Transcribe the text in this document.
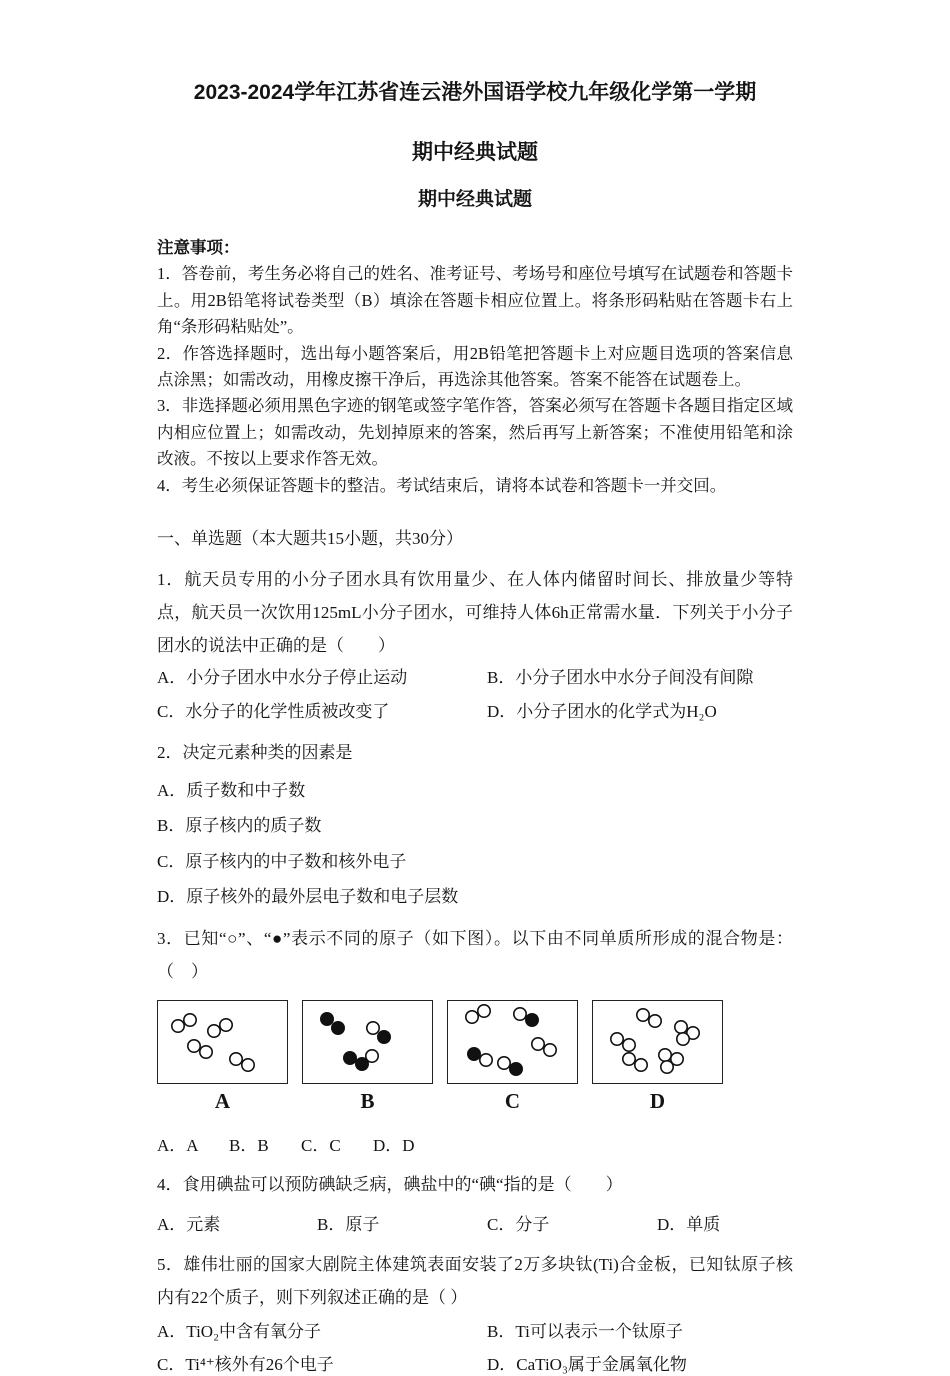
2023-2024学年江苏省连云港外国语学校九年级化学第一学期
期中经典试题
期中经典试题
注意事项：

1．答卷前，考生务必将自己的姓名、准考证号、考场号和座位号填写在试题卷和答题卡上。用2B铅笔将试卷类型（B）填涂在答题卡相应位置上。将条形码粘贴在答题卡右上角“条形码粘贴处”。

2．作答选择题时，选出每小题答案后，用2B铅笔把答题卡上对应题目选项的答案信息点涂黑；如需改动，用橡皮擦干净后，再选涂其他答案。答案不能答在试题卷上。

3．非选择题必须用黑色字迹的钢笔或签字笔作答，答案必须写在答题卡各题目指定区域内相应位置上；如需改动，先划掉原来的答案，然后再写上新答案；不准使用铅笔和涂改液。不按以上要求作答无效。

4．考生必须保证答题卡的整洁。考试结束后，请将本试卷和答题卡一并交回。

一、单选题（本大题共15小题，共30分）

1．航天员专用的小分子团水具有饮用量少、在人体内储留时间长、排放量少等特点，航天员一次饮用125mL小分子团水，可维持人体6h正常需水量．下列关于小分子团水的说法中正确的是（　　）

A．小分子团水中水分子停止运动	B．小分子团水中水分子间没有间隙
C．水分子的化学性质被改变了	D．小分子团水的化学式为H₂O

2．决定元素种类的因素是

A．质子数和中子数
B．原子核内的质子数
C．原子核内的中子数和核外电子
D．原子核外的最外层电子数和电子层数

3．已知“○”、“●”表示不同的原子（如下图）。以下由不同单质所形成的混合物是：（　）

A	B	C	D
A．A	B．B	C．C	D．D

4．食用碘盐可以预防碘缺乏病，碘盐中的“碘“指的是（　　）

A．元素	B．原子	C．分子	D．单质

5．雄伟壮丽的国家大剧院主体建筑表面安装了2万多块钛(Ti)合金板，已知钛原子核内有22个质子，则下列叙述正确的是（ ）

A．TiO₂中含有氧分子	B．Ti可以表示一个钛原子
C．Ti⁴⁺核外有26个电子	D．CaTiO₃属于金属氧化物
